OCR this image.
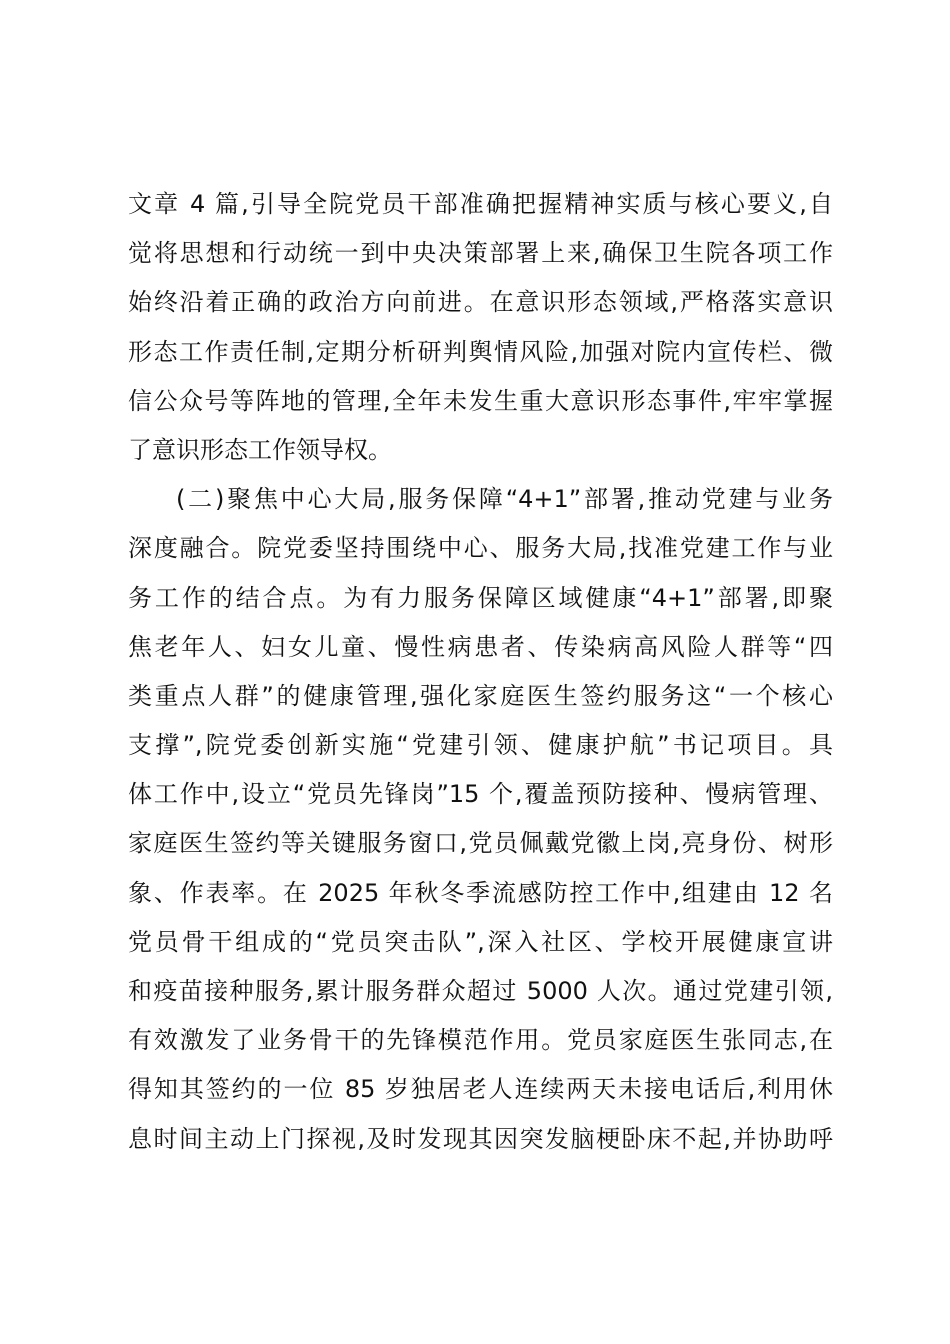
文章 4 篇,引导全院党员干部准确把握精神实质与核心要义,自
觉将思想和行动统一到中央决策部署上来,确保卫生院各项工作
始终沿着正确的政治方向前进。在意识形态领域,严格落实意识
形态工作责任制,定期分析研判舆情风险,加强对院内宣传栏、微
信公众号等阵地的管理,全年未发生重大意识形态事件,牢牢掌握
了意识形态工作领导权。
(二)聚焦中心大局,服务保障“4+1”部署,推动党建与业务
深度融合。院党委坚持围绕中心、服务大局,找准党建工作与业
务工作的结合点。为有力服务保障区域健康“4+1”部署,即聚
焦老年人、妇女儿童、慢性病患者、传染病高风险人群等“四
类重点人群”的健康管理,强化家庭医生签约服务这“一个核心
支撑”,院党委创新实施“党建引领、健康护航”书记项目。具
体工作中,设立“党员先锋岗”15 个,覆盖预防接种、慢病管理、
家庭医生签约等关键服务窗口,党员佩戴党徽上岗,亮身份、树形
象、作表率。在 2025 年秋冬季流感防控工作中,组建由 12 名
党员骨干组成的“党员突击队”,深入社区、学校开展健康宣讲
和疫苗接种服务,累计服务群众超过 5000 人次。通过党建引领,
有效激发了业务骨干的先锋模范作用。党员家庭医生张同志,在
得知其签约的一位 85 岁独居老人连续两天未接电话后,利用休
息时间主动上门探视,及时发现其因突发脑梗卧床不起,并协助呼
